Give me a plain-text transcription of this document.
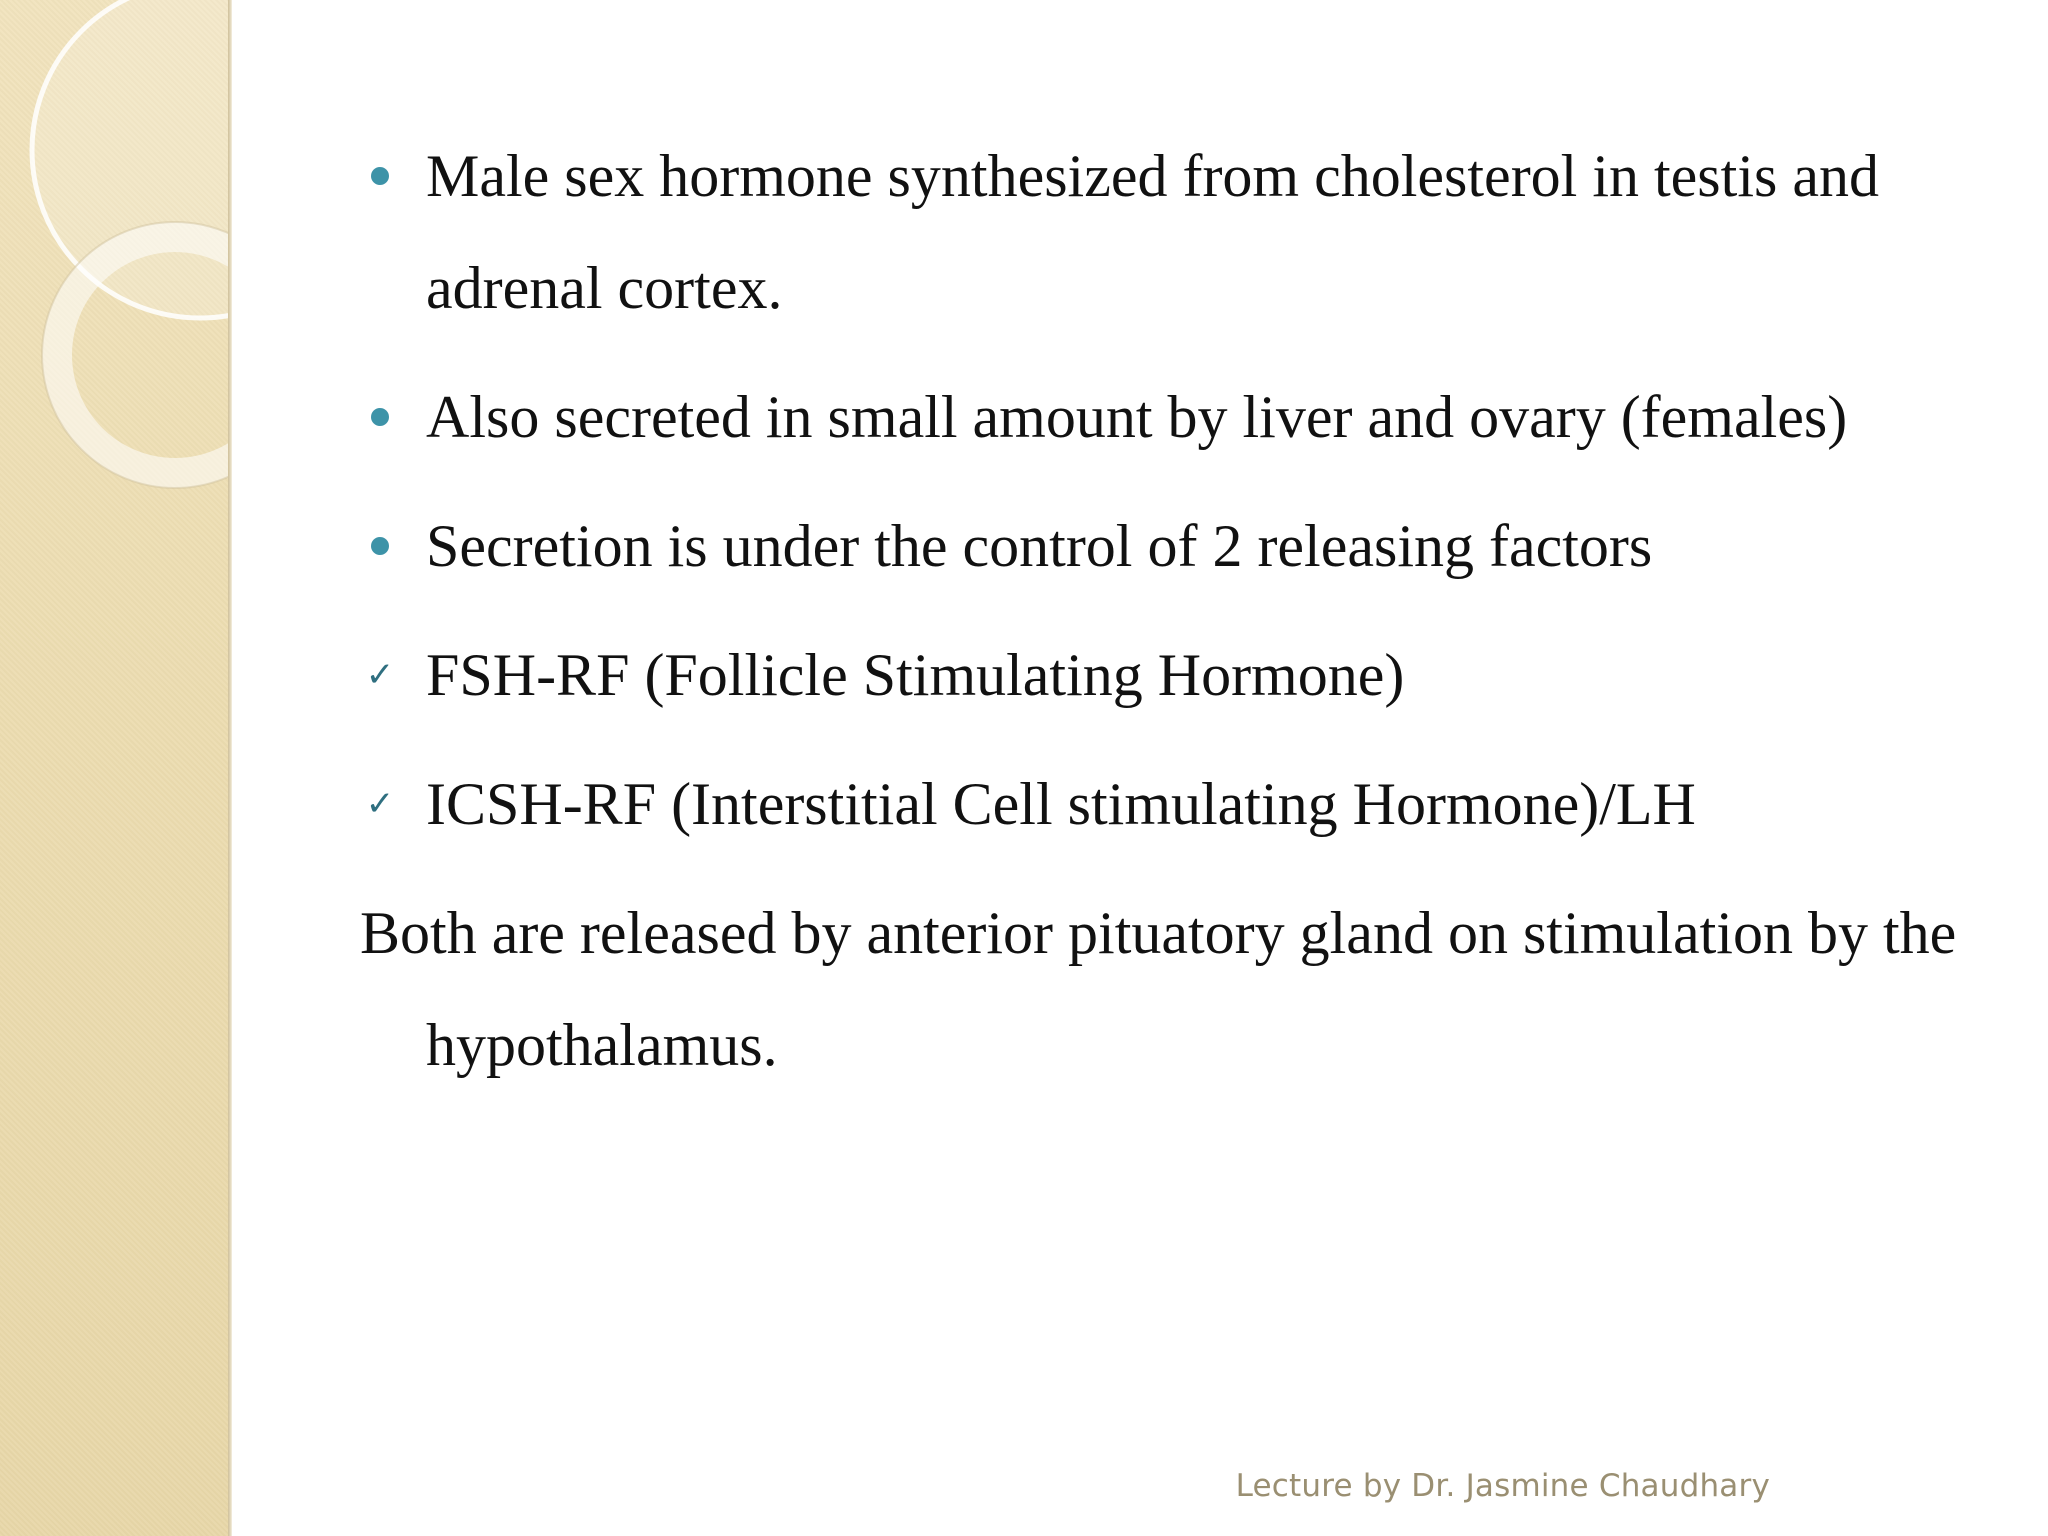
Male sex hormone synthesized from cholesterol in testis and adrenal cortex.
Also secreted in small amount by liver and ovary (females)
Secretion is under the control of 2 releasing factors
✓ FSH-RF (Follicle Stimulating Hormone)
✓ ICSH-RF (Interstitial Cell stimulating Hormone)/LH
Both are released by anterior pituatory gland on stimulation by the hypothalamus.
Lecture by Dr. Jasmine Chaudhary
